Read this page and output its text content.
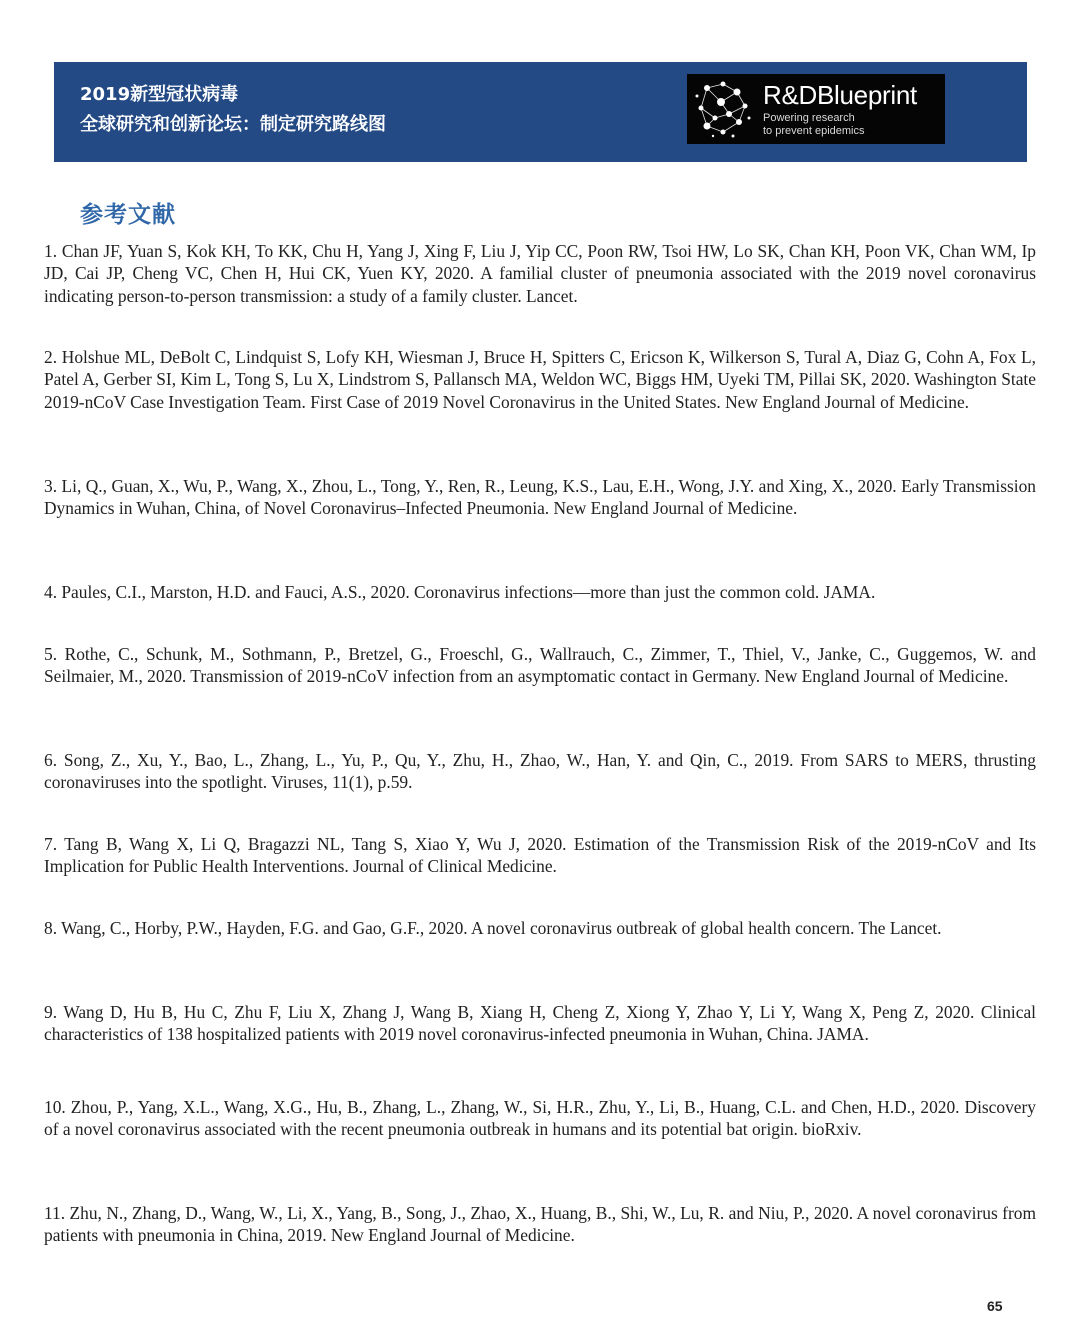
2019新型冠状病毒
全球研究和创新论坛：制定研究路线图
R&DBlueprint
Powering research
to prevent epidemics
参考文献
1. Chan JF, Yuan S, Kok KH, To KK, Chu H, Yang J, Xing F, Liu J, Yip CC, Poon RW, Tsoi HW, Lo SK, Chan KH, Poon VK, Chan WM, Ip JD, Cai JP, Cheng VC, Chen H, Hui CK, Yuen KY, 2020. A familial cluster of pneumonia associated with the 2019 novel coronavirus indicating person-to-person transmission: a study of a family cluster. Lancet.
2. Holshue ML, DeBolt C, Lindquist S, Lofy KH, Wiesman J, Bruce H, Spitters C, Ericson K, Wilkerson S, Tural A, Diaz G, Cohn A, Fox L, Patel A, Gerber SI, Kim L, Tong S, Lu X, Lindstrom S, Pallansch MA, Weldon WC, Biggs HM, Uyeki TM, Pillai SK, 2020. Washington State 2019-nCoV Case Investigation Team. First Case of 2019 Novel Coronavirus in the United States. New England Journal of Medicine.
3. Li, Q., Guan, X., Wu, P., Wang, X., Zhou, L., Tong, Y., Ren, R., Leung, K.S., Lau, E.H., Wong, J.Y. and Xing, X., 2020. Early Transmission Dynamics in Wuhan, China, of Novel Coronavirus–Infected Pneumonia. New England Journal of Medicine.
4. Paules, C.I., Marston, H.D. and Fauci, A.S., 2020. Coronavirus infections—more than just the common cold. JAMA.
5. Rothe, C., Schunk, M., Sothmann, P., Bretzel, G., Froeschl, G., Wallrauch, C., Zimmer, T., Thiel, V., Janke, C., Guggemos, W. and Seilmaier, M., 2020. Transmission of 2019-nCoV infection from an asymptomatic contact in Germany. New England Journal of Medicine.
6. Song, Z., Xu, Y., Bao, L., Zhang, L., Yu, P., Qu, Y., Zhu, H., Zhao, W., Han, Y. and Qin, C., 2019. From SARS to MERS, thrusting coronaviruses into the spotlight. Viruses, 11(1), p.59.
7. Tang B, Wang X, Li Q, Bragazzi NL, Tang S, Xiao Y, Wu J, 2020. Estimation of the Transmission Risk of the 2019-nCoV and Its Implication for Public Health Interventions. Journal of Clinical Medicine.
8. Wang, C., Horby, P.W., Hayden, F.G. and Gao, G.F., 2020. A novel coronavirus outbreak of global health concern. The Lancet.
9. Wang D, Hu B, Hu C, Zhu F, Liu X, Zhang J, Wang B, Xiang H, Cheng Z, Xiong Y, Zhao Y, Li Y, Wang X, Peng Z, 2020. Clinical characteristics of 138 hospitalized patients with 2019 novel coronavirus-infected pneumonia in Wuhan, China. JAMA.
10. Zhou, P., Yang, X.L., Wang, X.G., Hu, B., Zhang, L., Zhang, W., Si, H.R., Zhu, Y., Li, B., Huang, C.L. and Chen, H.D., 2020. Discovery of a novel coronavirus associated with the recent pneumonia outbreak in humans and its potential bat origin. bioRxiv.
11. Zhu, N., Zhang, D., Wang, W., Li, X., Yang, B., Song, J., Zhao, X., Huang, B., Shi, W., Lu, R. and Niu, P., 2020. A novel coronavirus from patients with pneumonia in China, 2019. New England Journal of Medicine.
65
